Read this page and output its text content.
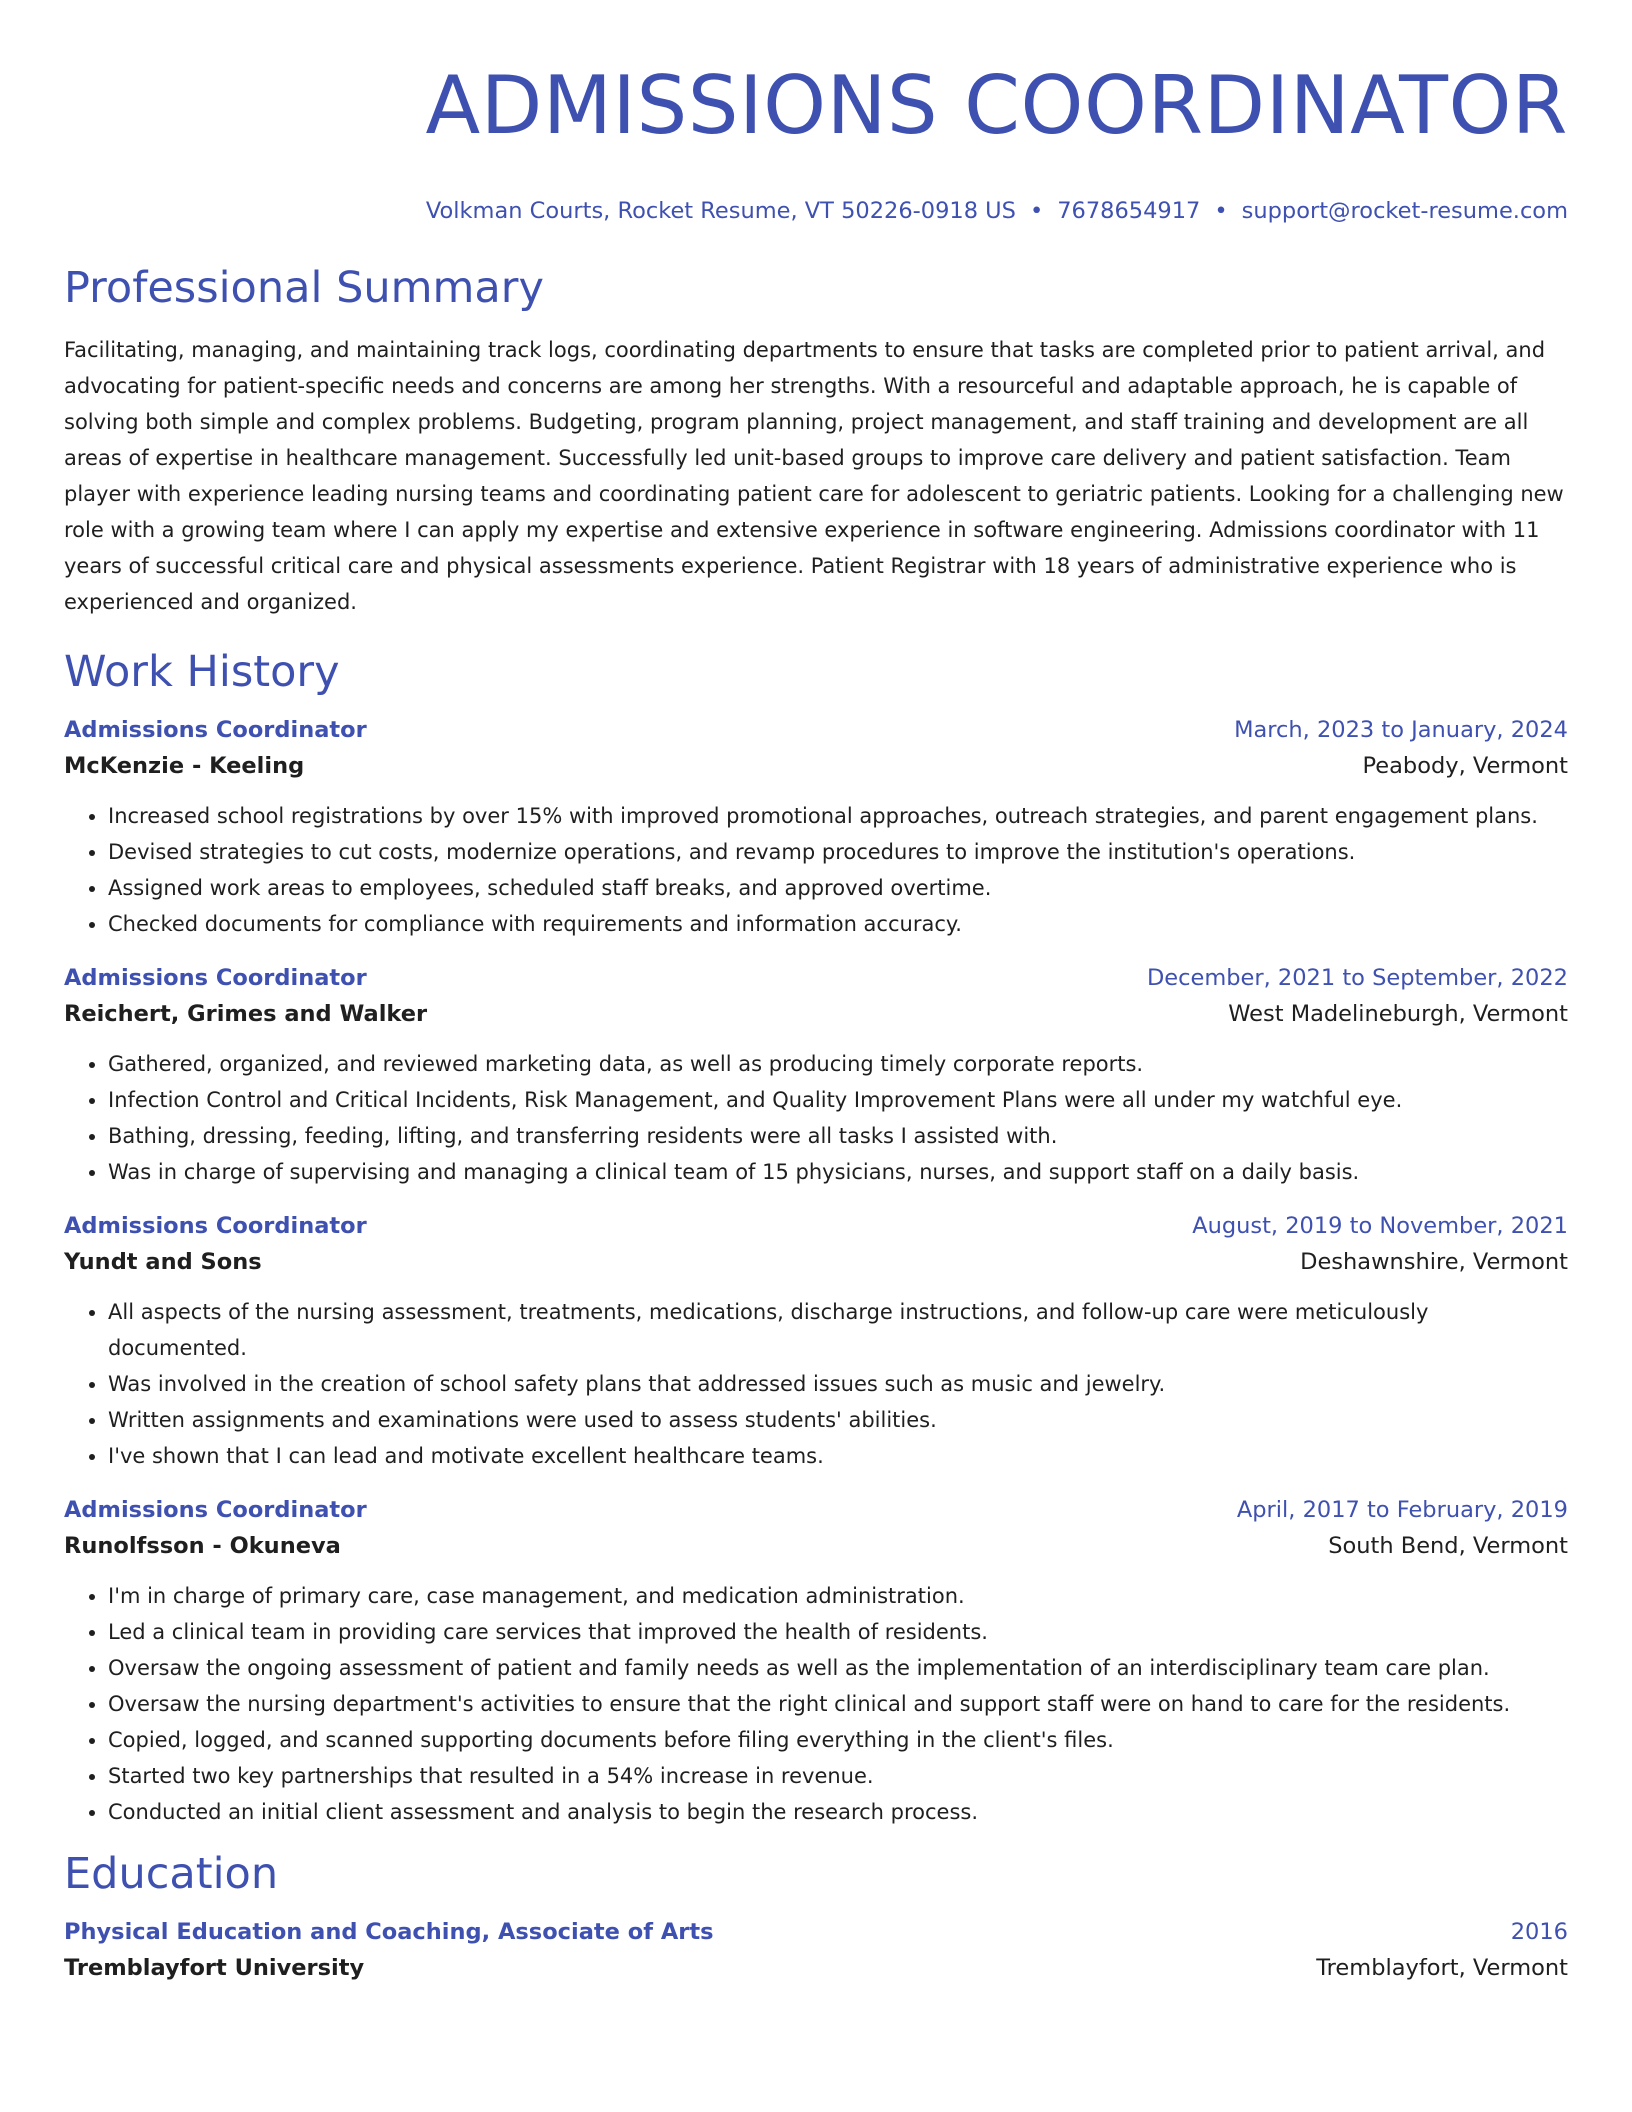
ADMISSIONS COORDINATOR
Volkman Courts, Rocket Resume, VT 50226-0918 US • 7678654917 • support@rocket-resume.com
Professional Summary
Facilitating, managing, and maintaining track logs, coordinating departments to ensure that tasks are completed prior to patient arrival, and advocating for patient-specific needs and concerns are among her strengths. With a resourceful and adaptable approach, he is capable of solving both simple and complex problems. Budgeting, program planning, project management, and staff training and development are all areas of expertise in healthcare management. Successfully led unit-based groups to improve care delivery and patient satisfaction. Team player with experience leading nursing teams and coordinating patient care for adolescent to geriatric patients. Looking for a challenging new role with a growing team where I can apply my expertise and extensive experience in software engineering. Admissions coordinator with 11 years of successful critical care and physical assessments experience. Patient Registrar with 18 years of administrative experience who is experienced and organized.
Work History
Admissions Coordinator	March, 2023 to January, 2024
McKenzie - Keeling	Peabody, Vermont
• Increased school registrations by over 15% with improved promotional approaches, outreach strategies, and parent engagement plans.
• Devised strategies to cut costs, modernize operations, and revamp procedures to improve the institution's operations.
• Assigned work areas to employees, scheduled staff breaks, and approved overtime.
• Checked documents for compliance with requirements and information accuracy.
Admissions Coordinator	December, 2021 to September, 2022
Reichert, Grimes and Walker	West Madelineburgh, Vermont
• Gathered, organized, and reviewed marketing data, as well as producing timely corporate reports.
• Infection Control and Critical Incidents, Risk Management, and Quality Improvement Plans were all under my watchful eye.
• Bathing, dressing, feeding, lifting, and transferring residents were all tasks I assisted with.
• Was in charge of supervising and managing a clinical team of 15 physicians, nurses, and support staff on a daily basis.
Admissions Coordinator	August, 2019 to November, 2021
Yundt and Sons	Deshawnshire, Vermont
• All aspects of the nursing assessment, treatments, medications, discharge instructions, and follow-up care were meticulously documented.
• Was involved in the creation of school safety plans that addressed issues such as music and jewelry.
• Written assignments and examinations were used to assess students' abilities.
• I've shown that I can lead and motivate excellent healthcare teams.
Admissions Coordinator	April, 2017 to February, 2019
Runolfsson - Okuneva	South Bend, Vermont
• I'm in charge of primary care, case management, and medication administration.
• Led a clinical team in providing care services that improved the health of residents.
• Oversaw the ongoing assessment of patient and family needs as well as the implementation of an interdisciplinary team care plan.
• Oversaw the nursing department's activities to ensure that the right clinical and support staff were on hand to care for the residents.
• Copied, logged, and scanned supporting documents before filing everything in the client's files.
• Started two key partnerships that resulted in a 54% increase in revenue.
• Conducted an initial client assessment and analysis to begin the research process.
Education
Physical Education and Coaching, Associate of Arts	2016
Tremblayfort University	Tremblayfort, Vermont
